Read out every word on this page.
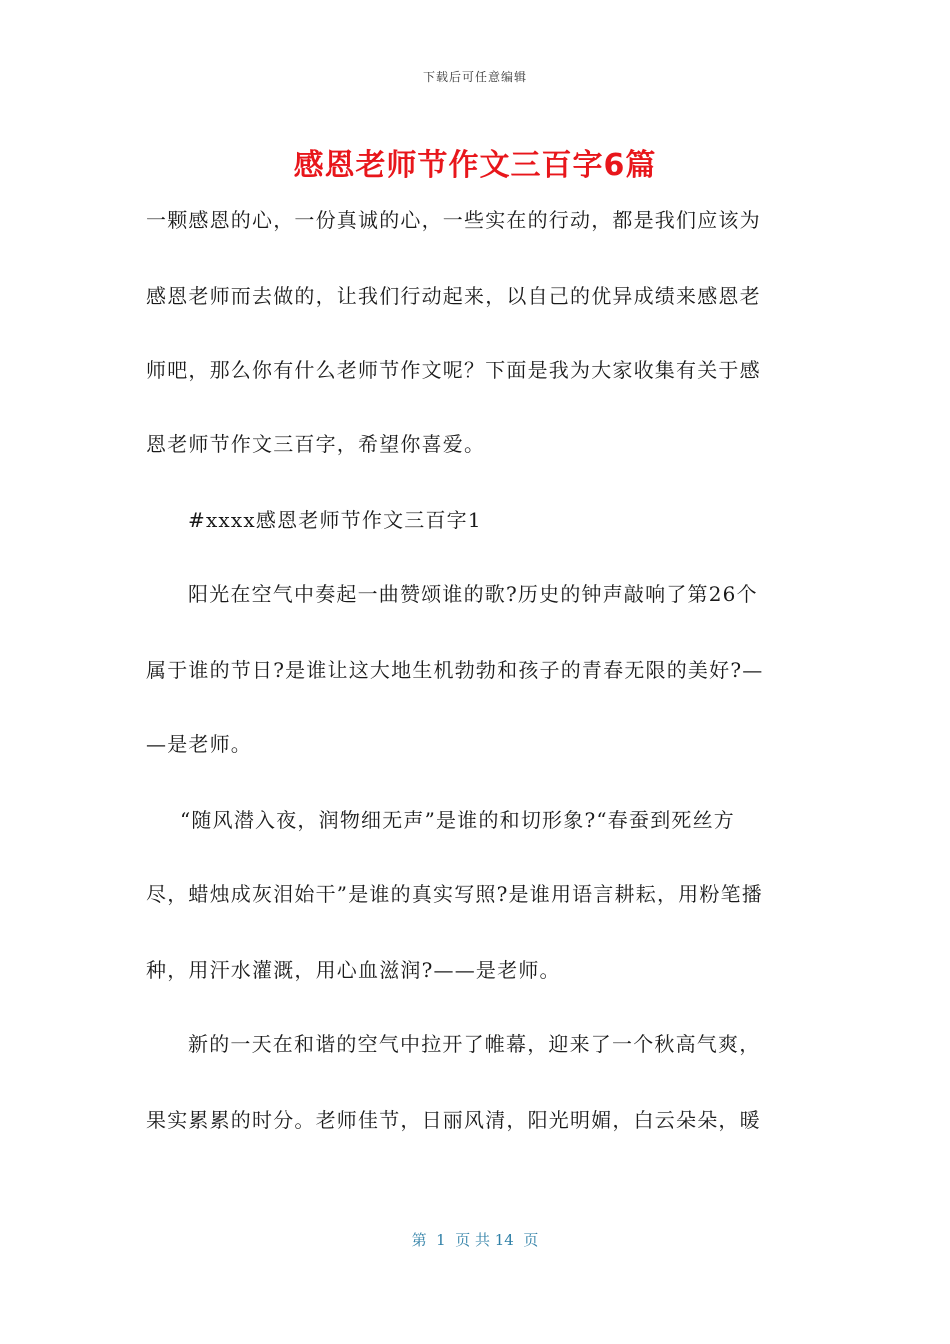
下载后可任意编辑
感恩老师节作文三百字6篇
一颗感恩的心，一份真诚的心，一些实在的行动，都是我们应该为
感恩老师而去做的，让我们行动起来，以自己的优异成绩来感恩老
师吧，那么你有什么老师节作文呢？下面是我为大家收集有关于感
恩老师节作文三百字，希望你喜爱。
#xxxx感恩老师节作文三百字1
阳光在空气中奏起一曲赞颂谁的歌?历史的钟声敲响了第26个
属于谁的节日?是谁让这大地生机勃勃和孩子的青春无限的美好?—
—是老师。
“随风潜入夜，润物细无声”是谁的和切形象?“春蚕到死丝方
尽，蜡烛成灰泪始干”是谁的真实写照?是谁用语言耕耘，用粉笔播
种，用汗水灌溉，用心血滋润?——是老师。
新的一天在和谐的空气中拉开了帷幕，迎来了一个秋高气爽，
果实累累的时分。老师佳节，日丽风清，阳光明媚，白云朵朵，暖
第  1  页 共 14  页
